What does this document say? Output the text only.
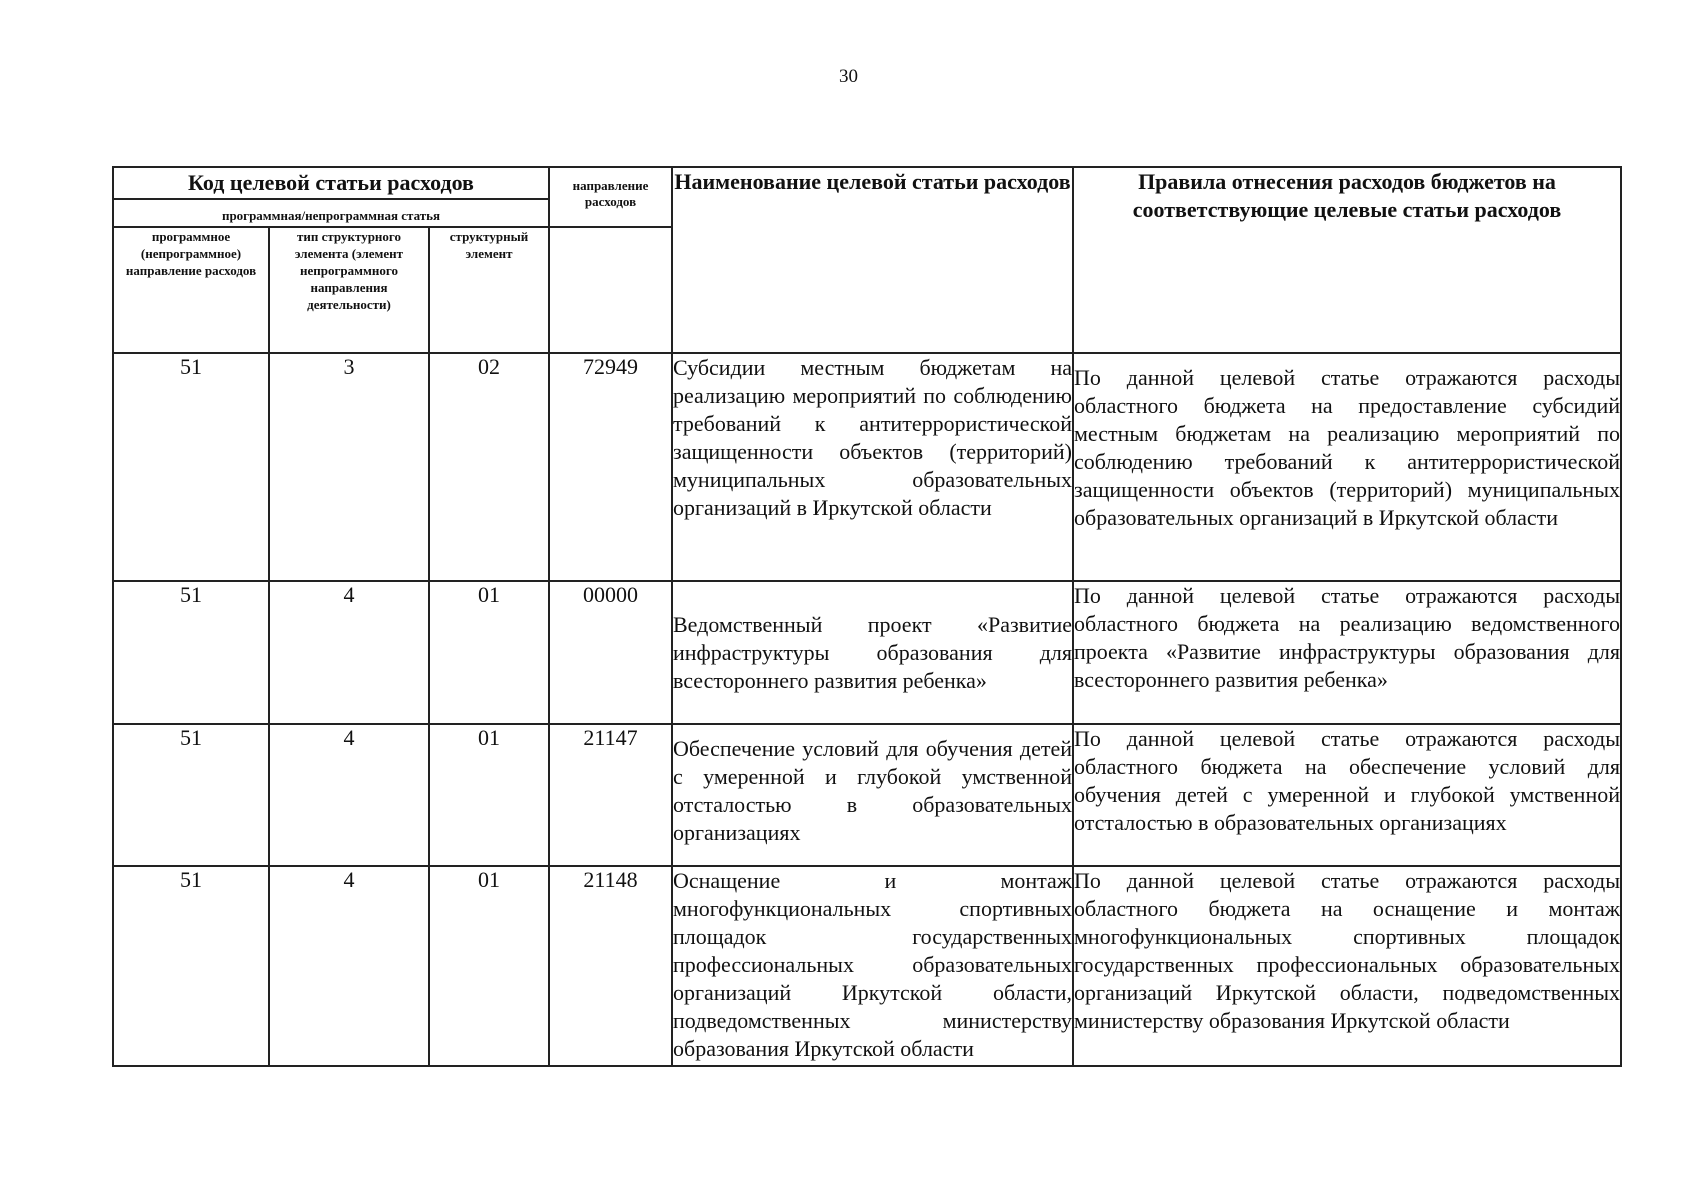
30
Код целевой статьи расходов			направление расходов	Наименование целевой статьи расходов	Правила отнесения расходов бюджетов на соответствующие целевые статьи расходов
программная/непрограммная статья					
программное (непрограммное) направление расходов	тип структурного элемента (элемент непрограммного направления деятельности)	структурный элемент			
51	3	02	72949	Субсидии местным бюджетам на реализацию мероприятий по соблюдению требований к антитеррористической защищенности объектов (территорий) муниципальных образовательных организаций в Иркутской области	По данной целевой статье отражаются расходы областного бюджета на предоставление субсидий местным бюджетам на реализацию мероприятий по соблюдению требований к антитеррористической защищенности объектов (территорий) муниципальных образовательных организаций в Иркутской области
51	4	01	00000	Ведомственный проект «Развитие инфраструктуры образования для всестороннего развития ребенка»	По данной целевой статье отражаются расходы областного бюджета на реализацию ведомственного проекта «Развитие инфраструктуры образования для всестороннего развития ребенка»
51	4	01	21147	Обеспечение условий для обучения детей с умеренной и глубокой умственной отсталостью в образовательных организациях	По данной целевой статье отражаются расходы областного бюджета на обеспечение условий для обучения детей с умеренной и глубокой умственной отсталостью в образовательных организациях
51	4	01	21148	Оснащение и монтаж многофункциональных спортивных площадок государственных профессиональных образовательных организаций Иркутской области, подведомственных министерству образования Иркутской области	По данной целевой статье отражаются расходы областного бюджета на оснащение и монтаж многофункциональных спортивных площадок государственных профессиональных образовательных организаций Иркутской области, подведомственных министерству образования Иркутской области
